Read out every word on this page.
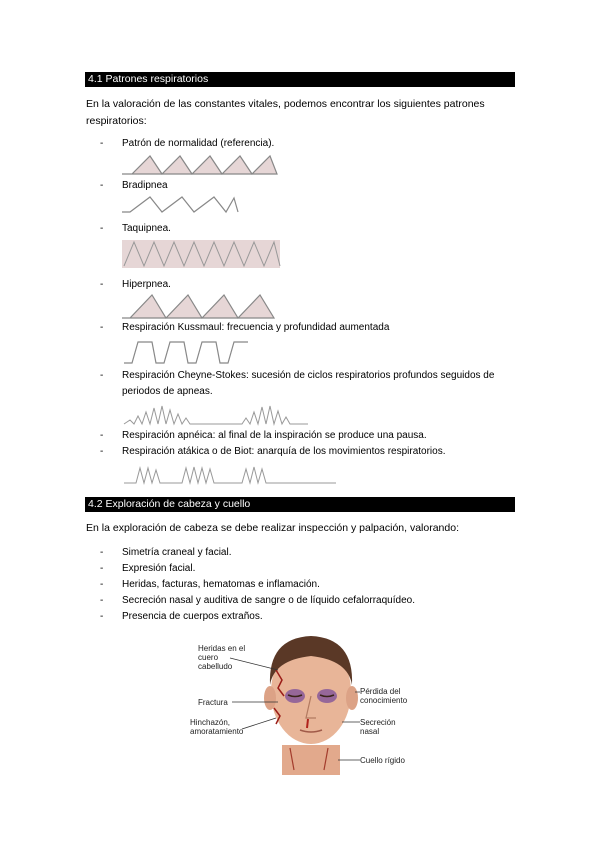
4.1 Patrones respiratorios
En la valoración de las constantes vitales, podemos encontrar los siguientes patrones respiratorios:
- Patrón de normalidad (referencia).
- Bradipnea
- Taquipnea.
- Hiperpnea.
- Respiración Kussmaul: frecuencia y profundidad aumentada
- Respiración Cheyne-Stokes: sucesión de ciclos respiratorios profundos seguidos de periodos de apneas.
- Respiración apnéica: al final de la inspiración se produce una pausa.
- Respiración atákica o de Biot: anarquía de los movimientos respiratorios.
4.2 Exploración de cabeza y cuello
En la exploración de cabeza se debe realizar inspección y palpación, valorando:
- Simetría craneal y facial.
- Expresión facial.
- Heridas, facturas, hematomas e inflamación.
- Secreción nasal y auditiva de sangre o de líquido cefalorraquídeo.
- Presencia de cuerpos extraños.
Heridas en el cuero cabelludo
Fractura
Hinchazón, amoratamiento
Pérdida del conocimiento
Secreción nasal
Cuello rígido
